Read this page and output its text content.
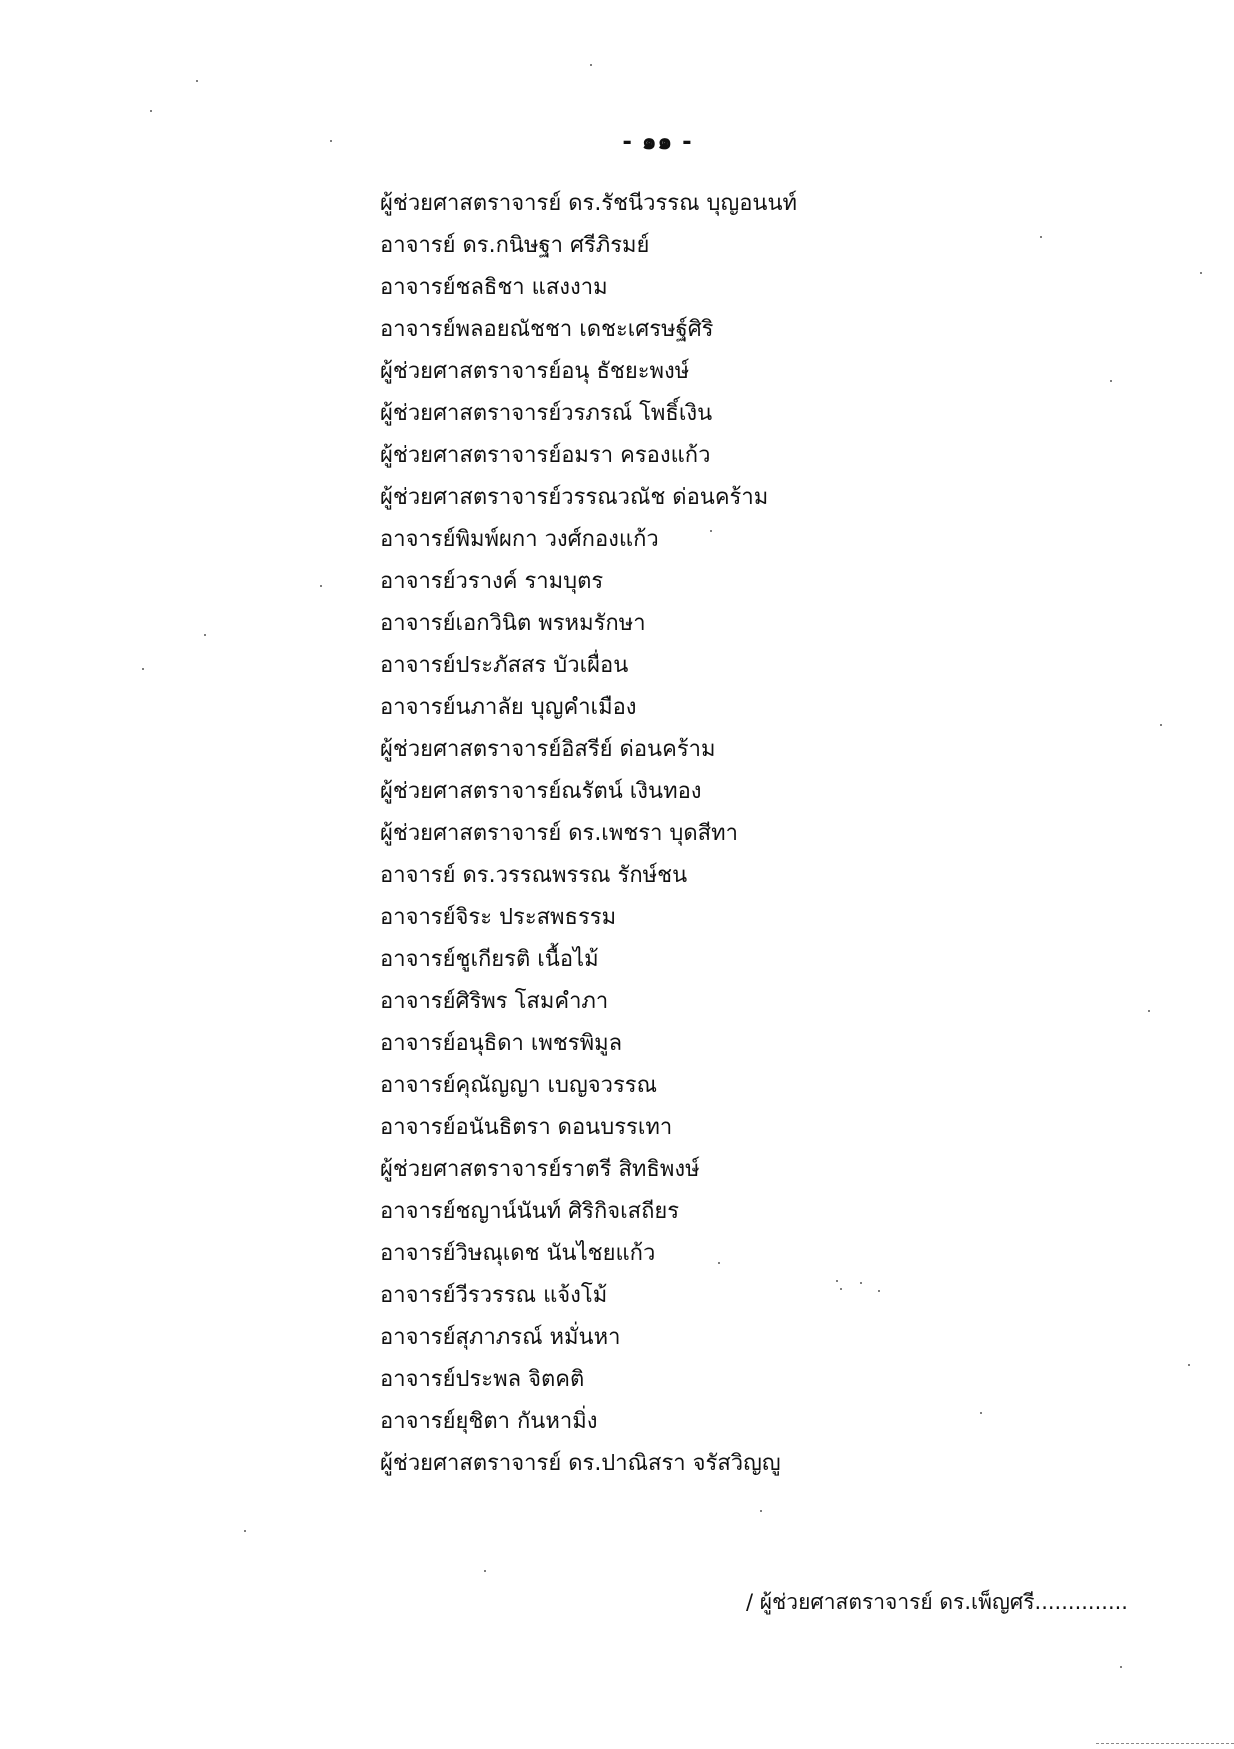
- ๑๑ -
ผู้ช่วยศาสตราจารย์ ดร.รัชนีวรรณ บุญอนนท์
อาจารย์ ดร.กนิษฐา ศรีภิรมย์
อาจารย์ชลธิชา แสงงาม
อาจารย์พลอยณัชชา เดชะเศรษฐ์ศิริ
ผู้ช่วยศาสตราจารย์อนุ ธัชยะพงษ์
ผู้ช่วยศาสตราจารย์วรภรณ์ โพธิ์เงิน
ผู้ช่วยศาสตราจารย์อมรา ครองแก้ว
ผู้ช่วยศาสตราจารย์วรรณวณัช ด่อนคร้าม
อาจารย์พิมพ์ผกา วงศ์กองแก้ว
อาจารย์วรางค์ รามบุตร
อาจารย์เอกวินิต พรหมรักษา
อาจารย์ประภัสสร บัวเผื่อน
อาจารย์นภาลัย บุญคำเมือง
ผู้ช่วยศาสตราจารย์อิสรีย์ ด่อนคร้าม
ผู้ช่วยศาสตราจารย์ณรัตน์ เงินทอง
ผู้ช่วยศาสตราจารย์ ดร.เพชรา บุดสีทา
อาจารย์ ดร.วรรณพรรณ รักษ์ชน
อาจารย์จิระ ประสพธรรม
อาจารย์ชูเกียรติ เนื้อไม้
อาจารย์ศิริพร โสมคำภา
อาจารย์อนุธิดา เพชรพิมูล
อาจารย์คุณัญญา เบญจวรรณ
อาจารย์อนันธิตรา ดอนบรรเทา
ผู้ช่วยศาสตราจารย์ราตรี สิทธิพงษ์
อาจารย์ชญาน์นันท์ ศิริกิจเสถียร
อาจารย์วิษณุเดช นันไชยแก้ว
อาจารย์วีรวรรณ แจ้งโม้
อาจารย์สุภาภรณ์ หมั่นหา
อาจารย์ประพล จิตคติ
อาจารย์ยุชิตา กันหามิ่ง
ผู้ช่วยศาสตราจารย์ ดร.ปาณิสรา จรัสวิญญู
/ ผู้ช่วยศาสตราจารย์ ดร.เพ็ญศรี..............
